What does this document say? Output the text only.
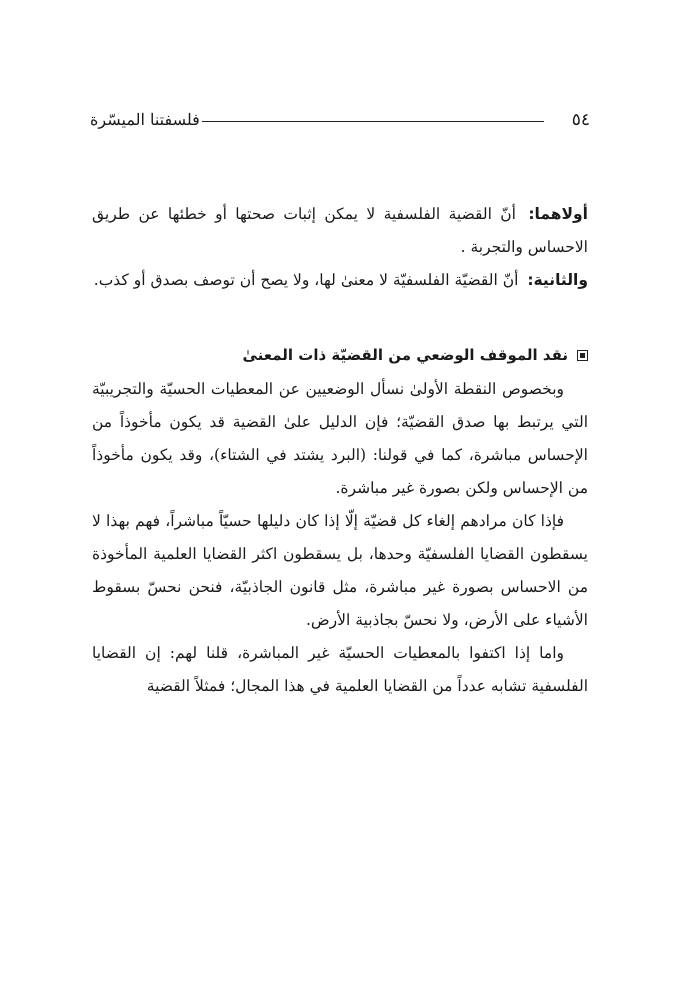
٥٤
فلسفتنا الميسّرة

أولاهما: أنّ القضية الفلسفية لا يمكن إثبات صحتها أو خطئها عن طريق الاحساس والتجربة .

والثانية: أنّ القضيّة الفلسفيّة لا معنىٰ لها، ولا يصح أن توصف بصدق أو كذب.

نقد الموقف الوضعي من القضيّة ذات المعنىٰ

وبخصوص النقطة الأولىٰ نسأل الوضعيين عن المعطيات الحسيّة والتجريبيّة التي يرتبط بها صدق القضيّة؛ فإن الدليل علىٰ القضية قد يكون مأخوذاً من الإحساس مباشرة، كما في قولنا: (البرد يشتد في الشتاء)، وقد يكون مأخوذاً من الإحساس ولكن بصورة غير مباشرة.

فإذا كان مرادهم إلغاء كل قضيّة إلّا إذا كان دليلها حسيّاً مباشراً، فهم بهذا لا يسقطون القضايا الفلسفيّة وحدها، بل يسقطون اكثر القضايا العلمية المأخوذة من الاحساس بصورة غير مباشرة، مثل قانون الجاذبيّة، فنحن نحسّ بسقوط الأشياء على الأرض، ولا نحسّ بجاذبية الأرض.

واما إذا اكتفوا بالمعطيات الحسيّة غير المباشرة، قلنا لهم: إن القضايا الفلسفية تشابه عدداً من القضايا العلمية في هذا المجال؛ فمثلاً القضية
